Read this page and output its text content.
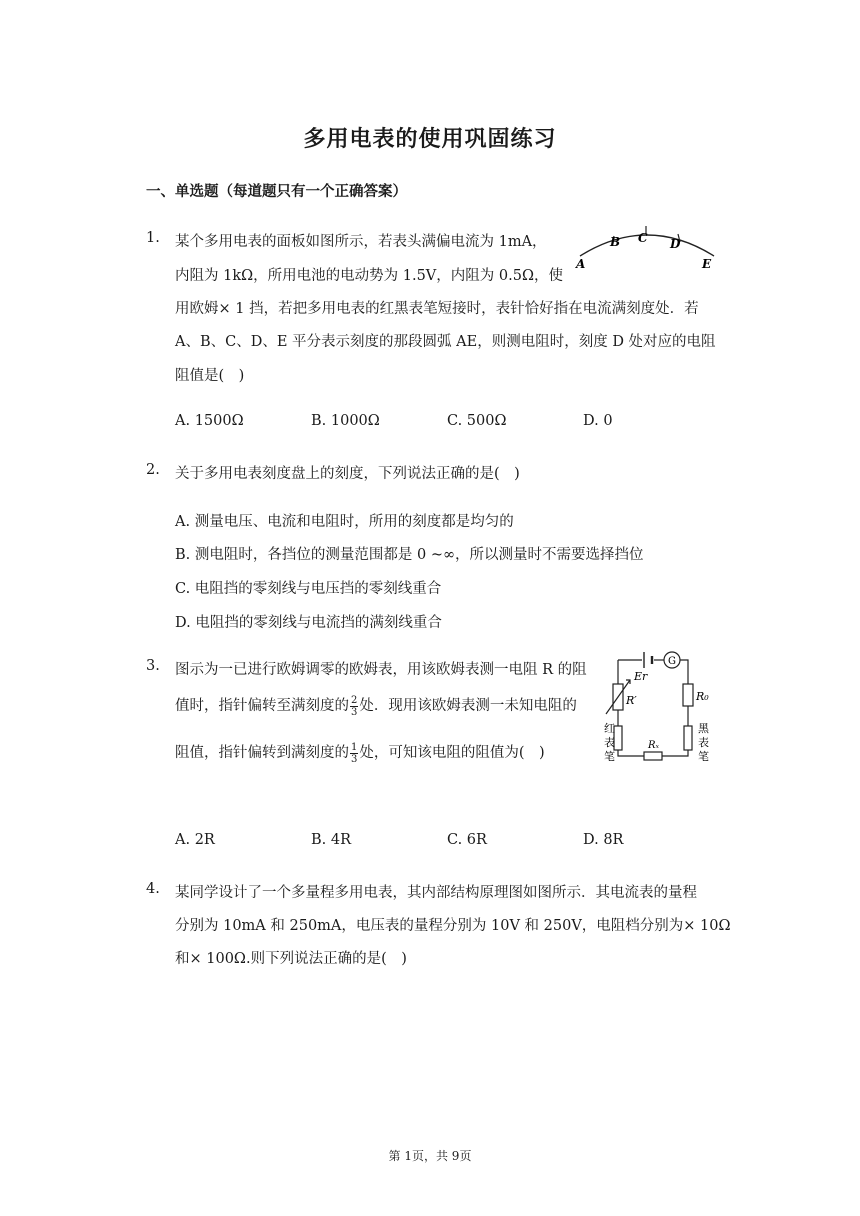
多用电表的使用巩固练习
一、单选题（每道题只有一个正确答案）
1. 某个多用电表的面板如图所示，若表头满偏电流为 1mA，
内阻为 1kΩ，所用电池的电动势为 1.5V，内阻为 0.5Ω，使
用欧姆× 1 挡，若把多用电表的红黑表笔短接时，表针恰好指在电流满刻度处．若
A、B、C、D、E 平分表示刻度的那段圆弧 AE，则测电阻时，刻度 D 处对应的电阻
阻值是(　)
A
B C D
E
A. 1500Ω	B. 1000Ω	C. 500Ω	D. 0
2. 关于多用电表刻度盘上的刻度，下列说法正确的是(　)
A. 测量电压、电流和电阻时，所用的刻度都是均匀的
B. 测电阻时，各挡位的测量范围都是 0 ~∞，所以测量时不需要选择挡位
C. 电阻挡的零刻线与电压挡的零刻线重合
D. 电阻挡的零刻线与电流挡的满刻线重合
3. 图示为一已进行欧姆调零的欧姆表，用该欧姆表测一电阻 R 的阻
值时，指针偏转至满刻度的 $\frac{2}{3}$ 处．现用该欧姆表测一未知电阻的
阻值，指针偏转到满刻度的 $\frac{1}{3}$ 处，可知该电阻的阻值为(　)
G
Er
R′	R₀
Rₓ
红
表
笔
黑
表
笔
A. 2R	B. 4R	C. 6R	D. 8R
4. 某同学设计了一个多量程多用电表，其内部结构原理图如图所示．其电流表的量程
分别为 10mA 和 250mA，电压表的量程分别为 10V 和 250V，电阻档分别为× 10Ω
和× 100Ω.则下列说法正确的是(　)
第 1页，共 9页
